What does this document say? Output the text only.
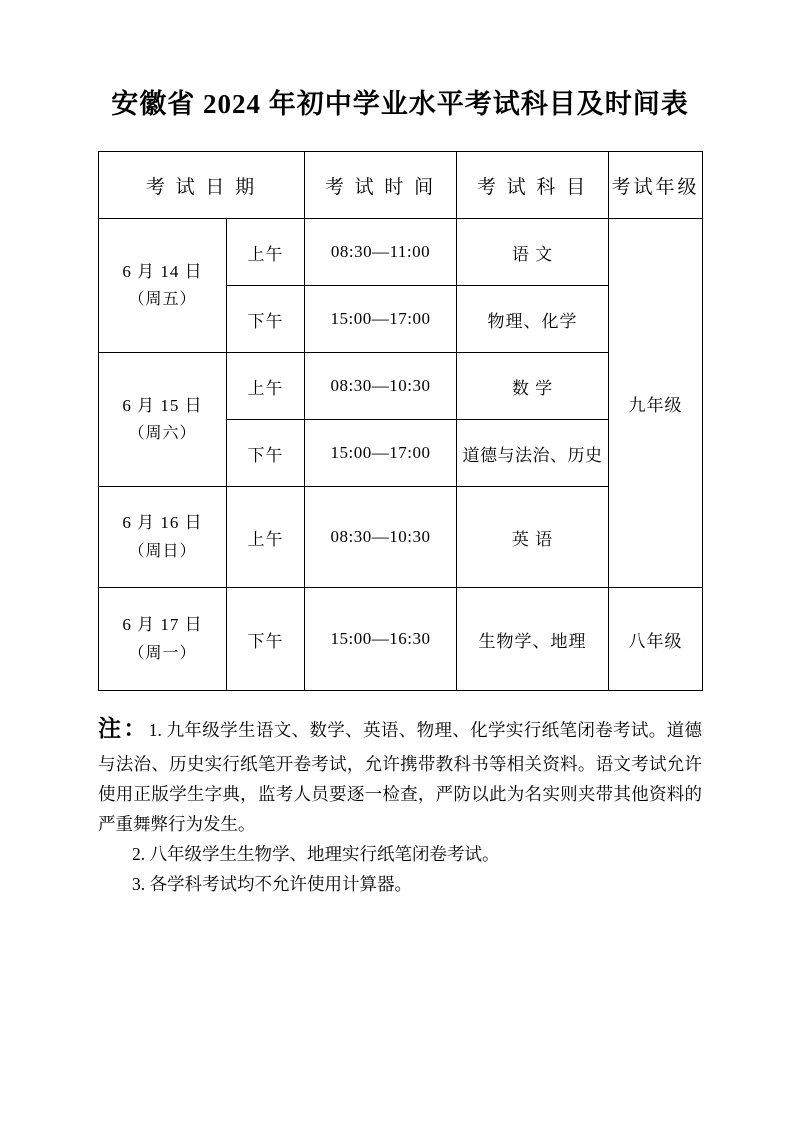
安徽省 2024 年初中学业水平考试科目及时间表
考 试 日 期		考 试 时 间	考 试 科 目	考试年级
6 月 14 日
（周五）	上午	08:30—11:00	语 文	九年级
	下午	15:00—17:00	物理、化学	
6 月 15 日
（周六）	上午	08:30—10:30	数 学	
	下午	15:00—17:00	道德与法治、历史	
6 月 16 日
（周日）	上午	08:30—10:30	英 语	
6 月 17 日
（周一）	下午	15:00—16:30	生物学、地理	八年级

注：1. 九年级学生语文、数学、英语、物理、化学实行纸笔闭卷考试。道德与法治、历史实行纸笔开卷考试，允许携带教科书等相关资料。语文考试允许使用正版学生字典，监考人员要逐一检查，严防以此为名实则夹带其他资料的严重舞弊行为发生。

2. 八年级学生生物学、地理实行纸笔闭卷考试。

3. 各学科考试均不允许使用计算器。
